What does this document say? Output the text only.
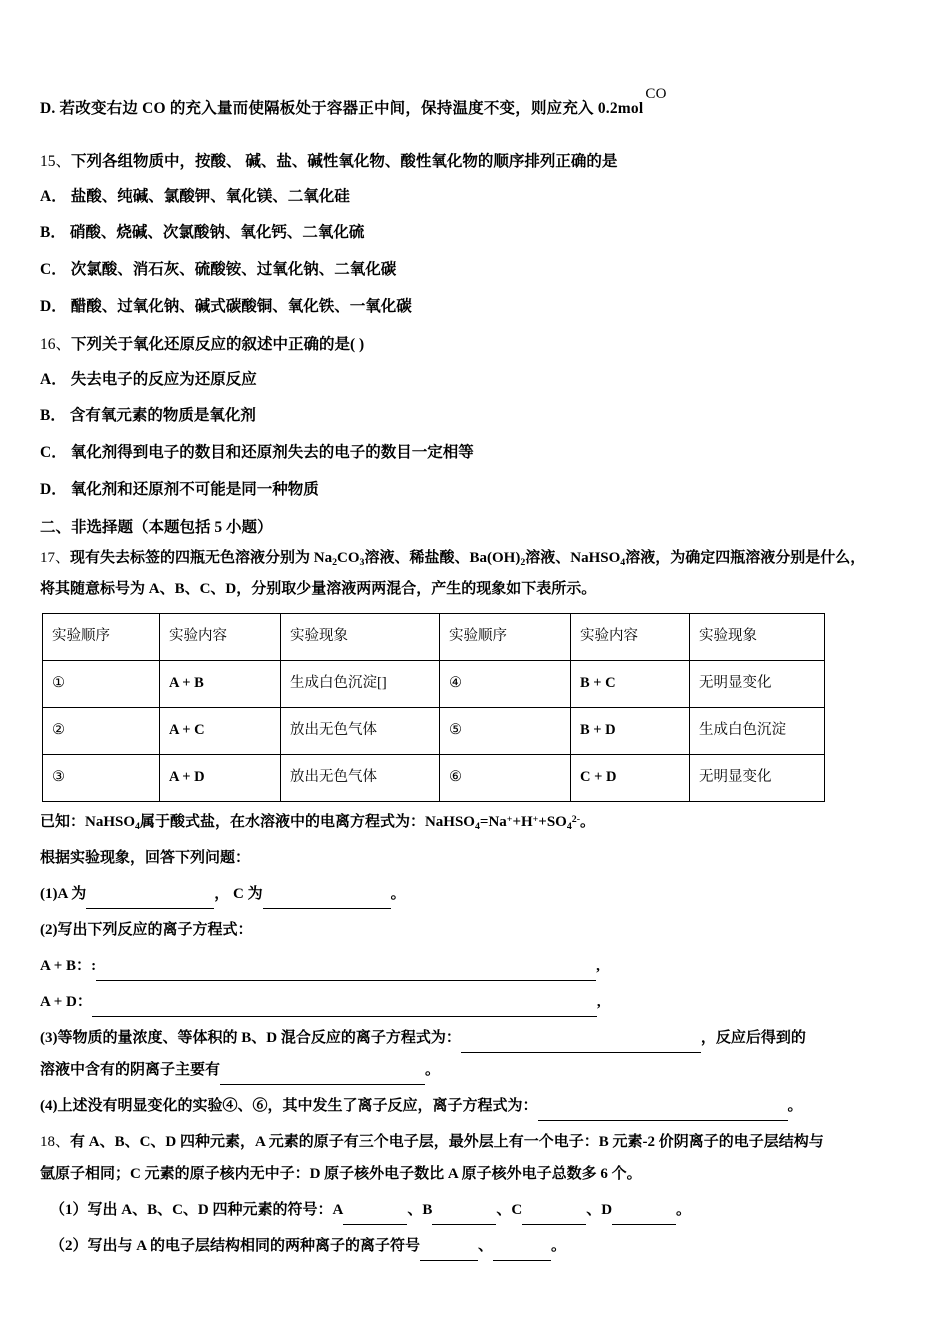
D. 若改变右边 CO 的充入量而使隔板处于容器正中间，保持温度不变，则应充入 0.2molCO
15、下列各组物质中，按酸、 碱、盐、碱性氧化物、酸性氧化物的顺序排列正确的是
A． 盐酸、纯碱、氯酸钾、氧化镁、二氧化硅
B． 硝酸、烧碱、次氯酸钠、氧化钙、二氧化硫
C． 次氯酸、消石灰、硫酸铵、过氧化钠、二氧化碳
D． 醋酸、过氧化钠、碱式碳酸铜、氧化铁、一氧化碳
16、下列关于氧化还原反应的叙述中正确的是( )
A． 失去电子的反应为还原反应
B． 含有氧元素的物质是氧化剂
C． 氧化剂得到电子的数目和还原剂失去的电子的数目一定相等
D． 氧化剂和还原剂不可能是同一种物质
二、非选择题（本题包括 5 小题）
17、现有失去标签的四瓶无色溶液分别为 $Na_2CO_3$溶液、稀盐酸、$Ba(OH)_2$溶液、NaHSO$_4$溶液，为确定四瓶溶液分别是什么，
将其随意标号为 A、B、C、D，分别取少量溶液两两混合，产生的现象如下表所示。
实验顺序	实验内容	实验现象	实验顺序	实验内容	实验现象
①	A + B	生成白色沉淀[]	④	B + C	无明显变化
②	A + C	放出无色气体	⑤	B + D	生成白色沉淀
③	A + D	放出无色气体	⑥	C + D	无明显变化
已知：NaHSO$_4$属于酸式盐，在水溶液中的电离方程式为：$NaHSO_4=Na^++H^++SO_4^{2-}$。
根据实验现象，回答下列问题：
(1)A 为	， C 为	。
(2)写出下列反应的离子方程式：
A + B：:	,
A + D：	,
(3)等物质的量浓度、等体积的 B、D 混合反应的离子方程式为：	，反应后得到的
溶液中含有的阴离子主要有	。
(4)上述没有明显变化的实验④、⑥，其中发生了离子反应，离子方程式为：	。
18、有 A、B、C、D 四种元素，A 元素的原子有三个电子层，最外层上有一个电子：B 元素-2 价阴离子的电子层结构与
氩原子相同；C 元素的原子核内无中子：D 原子核外电子数比 A 原子核外电子总数多 6 个。
（1）写出 A、B、C、D 四种元素的符号：A	、B	、C	、D	。
（2）写出与 A 的电子层结构相同的两种离子的离子符号	、	。
